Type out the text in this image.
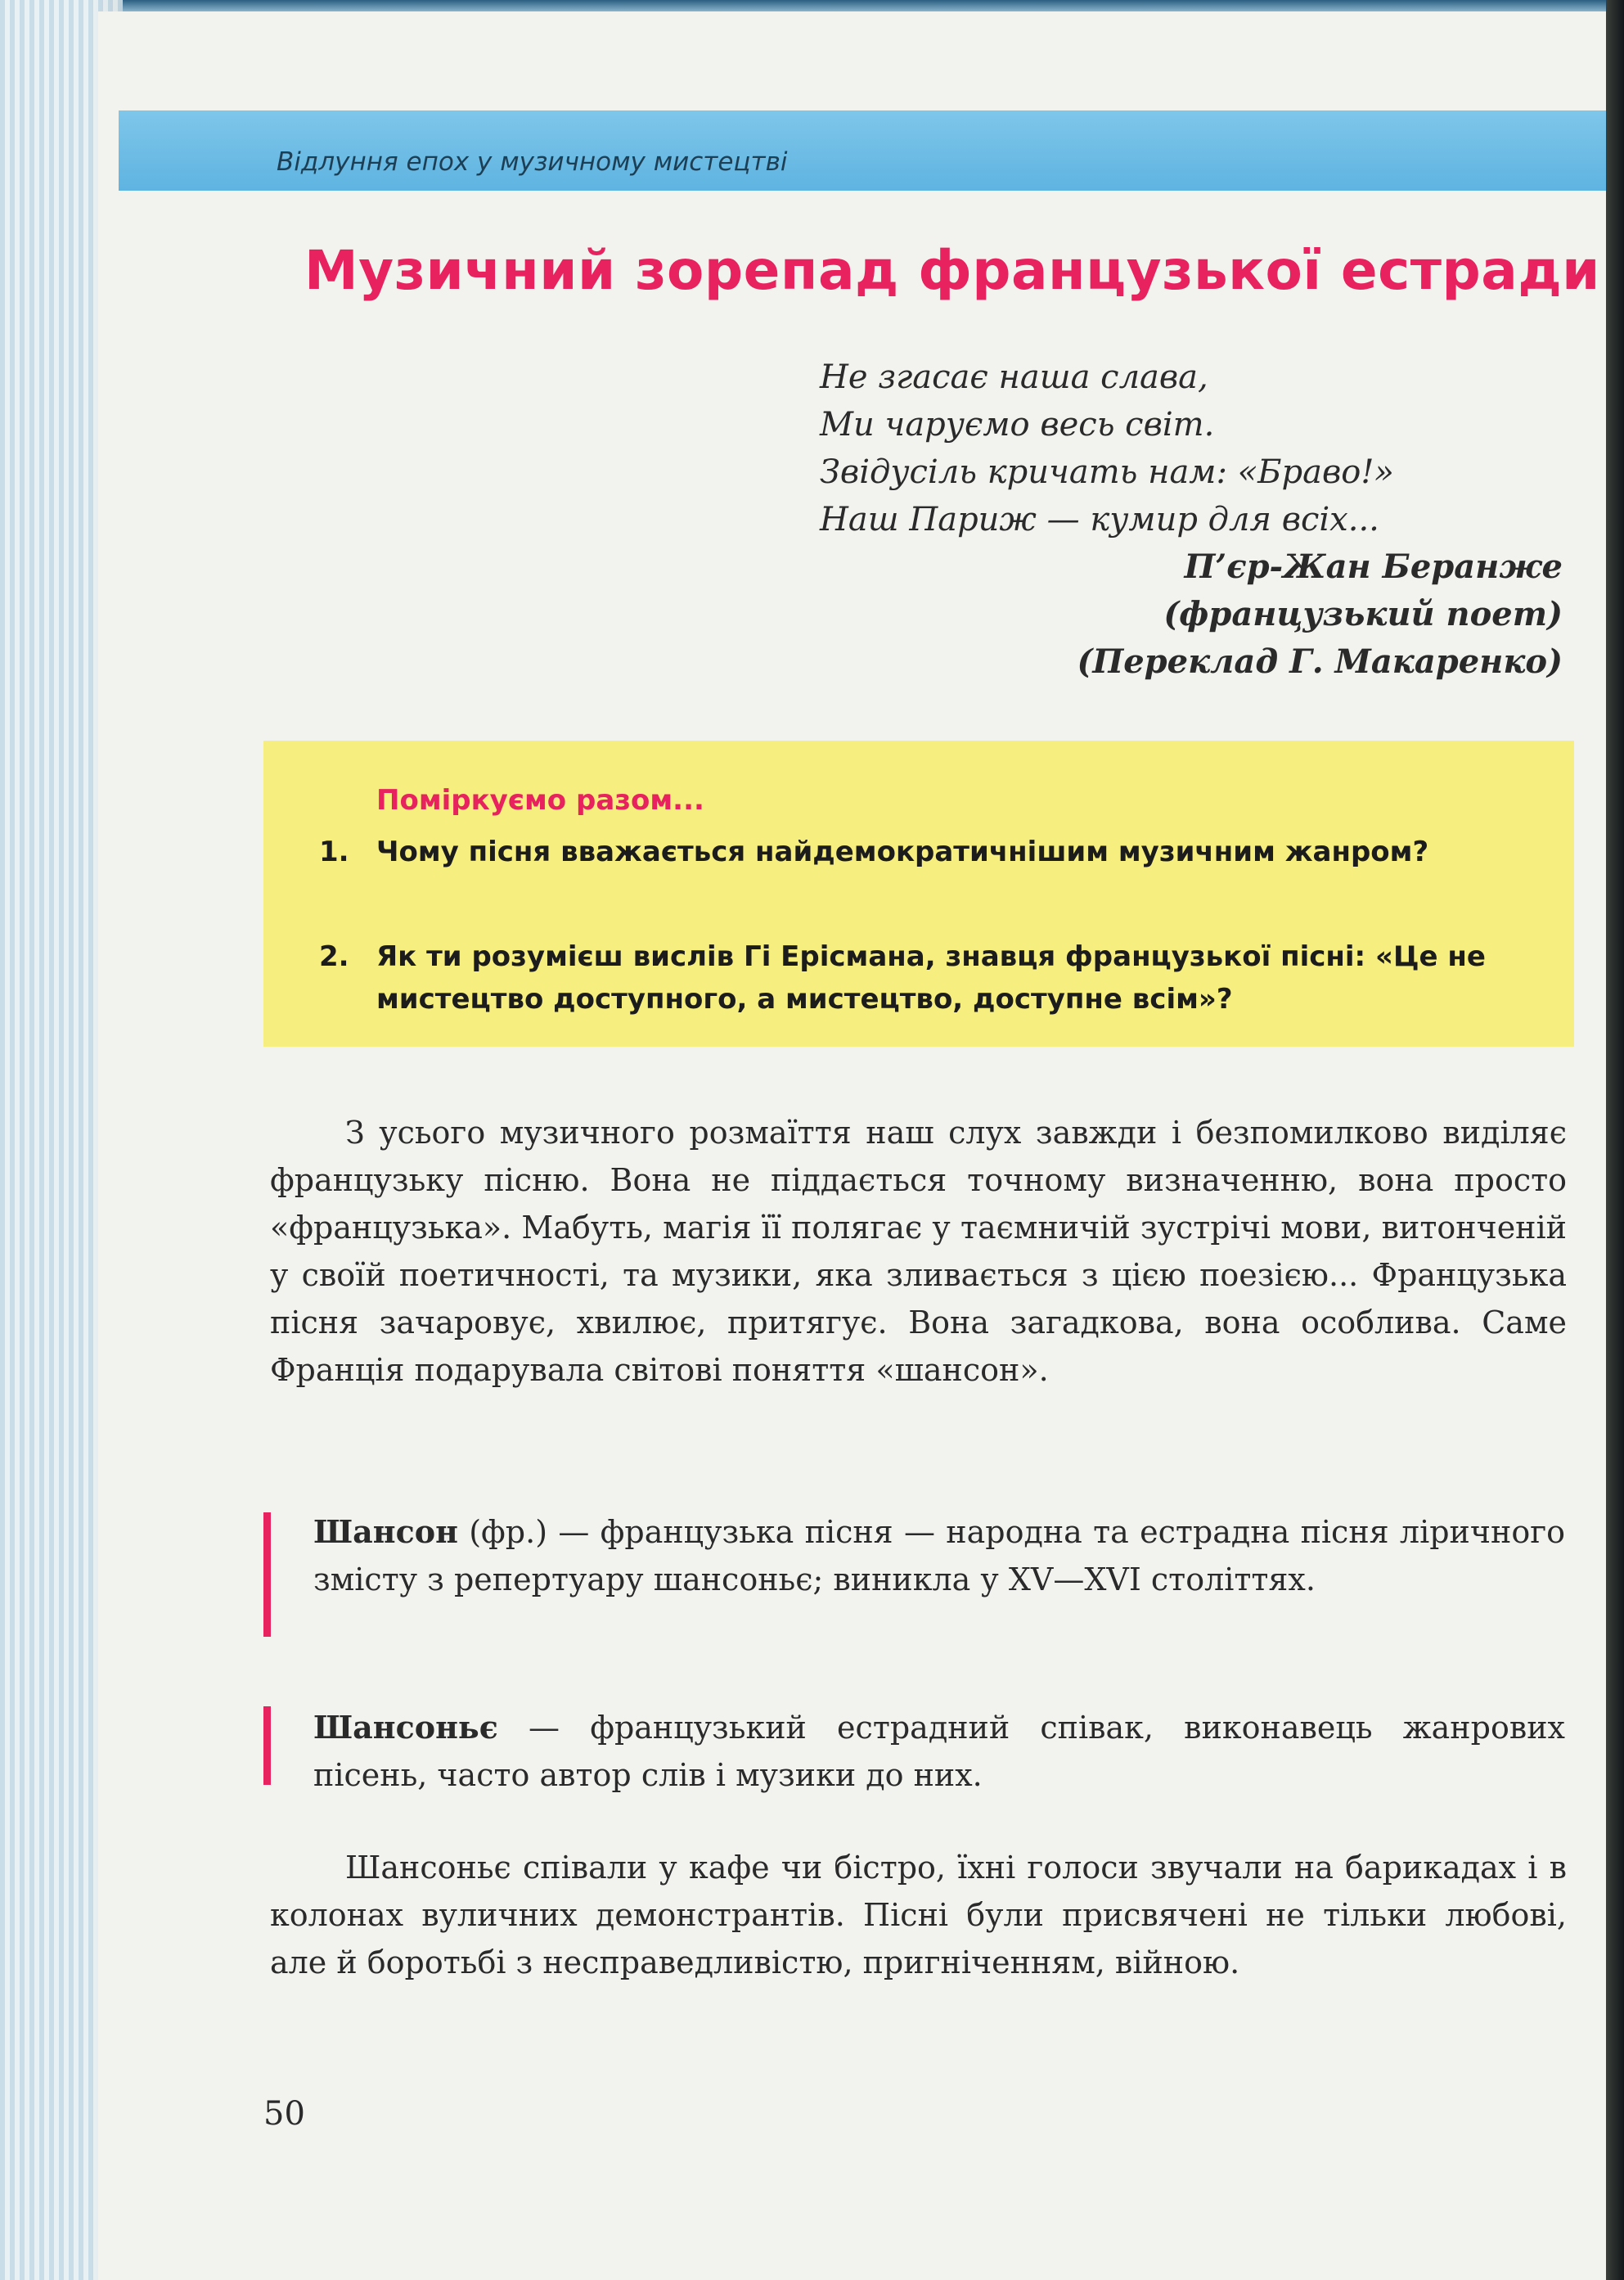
Відлуння епох у музичному мистецтві
Музичний зорепад французької естради
Не згасає наша слава,
Ми чаруємо весь світ.
Звідусіль кричать нам: «Браво!»
Наш Париж — кумир для всіх...
П’єр-Жан Беранже
(французький поет)
(Переклад Г. Макаренко)
Поміркуємо разом...
1. Чому пісня вважається найдемократичнішим музичним жанром?
2. Як ти розумієш вислів Гі Ерісмана, знавця французької пісні: «Це не мистецтво доступного, а мистецтво, доступне всім»?

З усього музичного розмаїття наш слух завжди і безпомилково виділяє французьку пісню. Вона не піддається точному визначенню, вона просто «французька». Мабуть, магія її полягає у таємничій зустрічі мови, витонченій у своїй поетичності, та музики, яка зливається з цією поезією... Французька пісня зачаровує, хвилює, притягує. Вона загадкова, вона особлива. Саме Франція подарувала світові поняття «шансон».

Шансон (фр.) — французька пісня — народна та естрадна пісня ліричного змісту з репертуару шансоньє; виникла у XV—XVI століттях.

Шансоньє — французький естрадний співак, виконавець жанрових пісень, часто автор слів і музики до них.

Шансоньє співали у кафе чи бістро, їхні голоси звучали на барикадах і в колонах вуличних демонстрантів. Пісні були присвячені не тільки любові, але й боротьбі з несправедливістю, пригніченням, війною.

50
